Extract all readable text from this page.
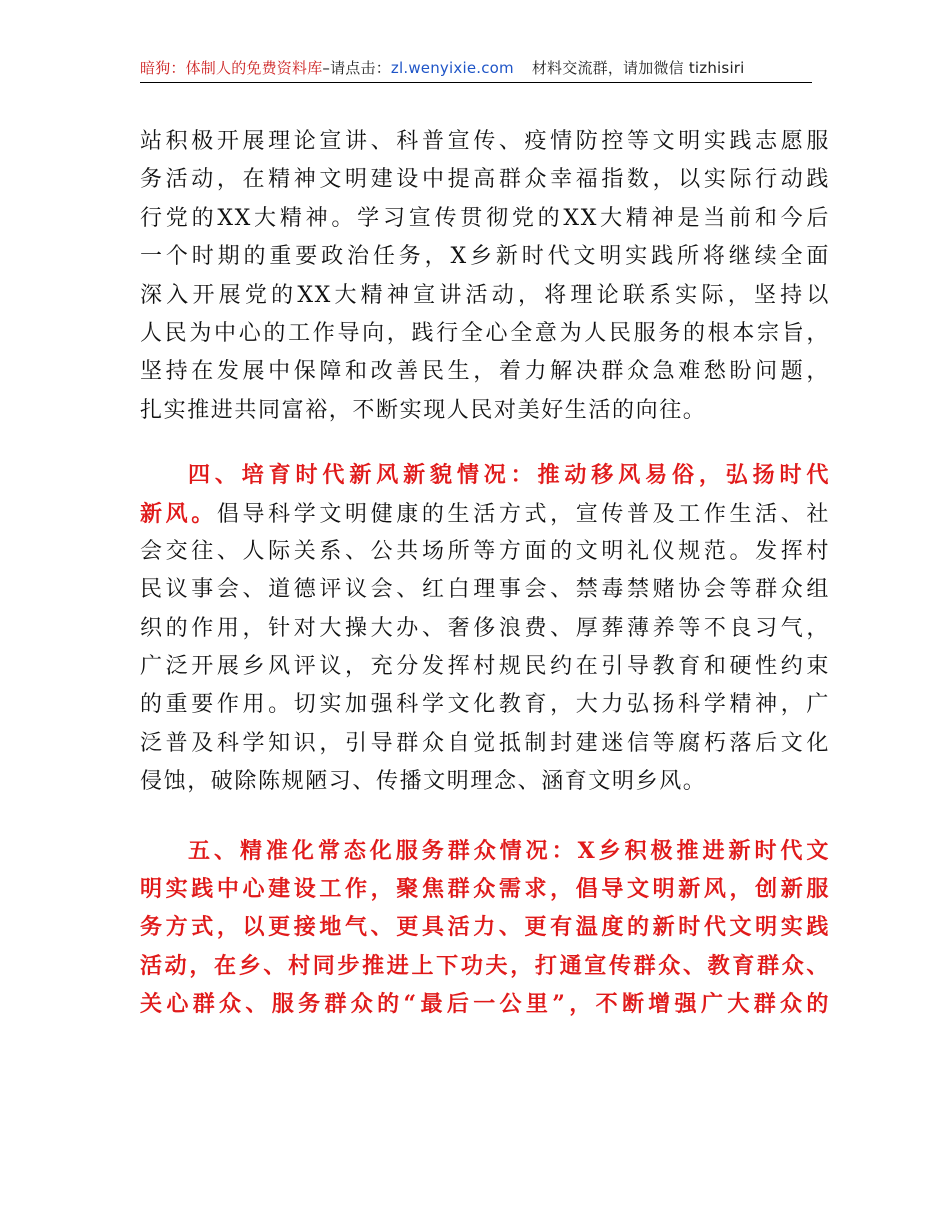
暗狗：体制人的免费资料库–请点击：zl.wenyixie.com 材料交流群，请加微信 tizhisiri
站积极开展理论宣讲、科普宣传、疫情防控等文明实践志愿服
务活动，在精神文明建设中提高群众幸福指数，以实际行动践
行党的XX大精神。学习宣传贯彻党的XX大精神是当前和今后
一个时期的重要政治任务，X乡新时代文明实践所将继续全面
深入开展党的XX大精神宣讲活动，将理论联系实际，坚持以
人民为中心的工作导向，践行全心全意为人民服务的根本宗旨，
坚持在发展中保障和改善民生，着力解决群众急难愁盼问题，
扎实推进共同富裕，不断实现人民对美好生活的向往。
四、培育时代新风新貌情况：推动移风易俗，弘扬时代
新风。倡导科学文明健康的生活方式，宣传普及工作生活、社
会交往、人际关系、公共场所等方面的文明礼仪规范。发挥村
民议事会、道德评议会、红白理事会、禁毒禁赌协会等群众组
织的作用，针对大操大办、奢侈浪费、厚葬薄养等不良习气，
广泛开展乡风评议，充分发挥村规民约在引导教育和硬性约束
的重要作用。切实加强科学文化教育，大力弘扬科学精神，广
泛普及科学知识，引导群众自觉抵制封建迷信等腐朽落后文化
侵蚀，破除陈规陋习、传播文明理念、涵育文明乡风。
五、精准化常态化服务群众情况：X乡积极推进新时代文
明实践中心建设工作，聚焦群众需求，倡导文明新风，创新服
务方式，以更接地气、更具活力、更有温度的新时代文明实践
活动，在乡、村同步推进上下功夫，打通宣传群众、教育群众、
关心群众、服务群众的“最后一公里”，不断增强广大群众的
